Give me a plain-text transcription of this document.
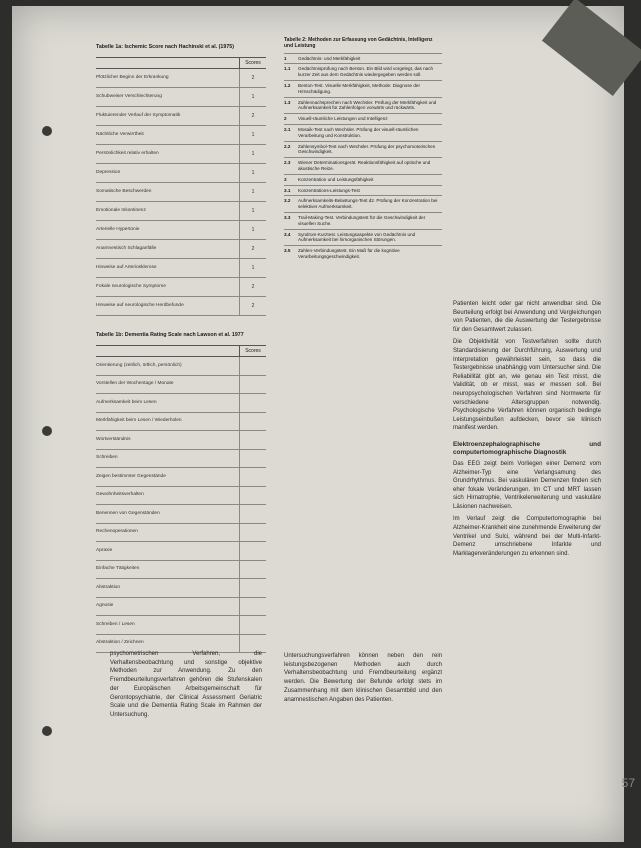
Tabelle 1a: Ischemic Score nach Hachinski et al. (1975)
Scores
Plötzlicher Beginn der Erkrankung	2
Schubweiser Verschlechterung	1
Fluktuierender Verlauf der Symptomatik	2
Nächtliche Verwirrtheit	1
Persönlichkeit relativ erhalten	1
Depression	1
Somatische Beschwerden	1
Emotionale Inkontinenz	1
Arterielle Hypertonie	1
Anamnestisch Schlaganfälle	2
Hinweise auf Arteriosklerose	1
Fokale neurologische Symptome	2
Hinweise auf neurologische Herdbefunde	2
Tabelle 1b: Dementia Rating Scale nach Lawson et al. 1977
Scores
Orientierung (zeitlich, örtlich, persönlich)
Vorstellen der Wochentage / Monate
Aufmerksamkeit beim Lesen
Merkfähigkeit beim Lesen / Wiederholen
Wortverständnis
Schreiben
Zeigen bestimmter Gegenstände
Gewohnheitsverhalten
Benennen von Gegenständen
Rechenoperationen
Apraxie
Einfache Tätigkeiten
Abstraktion
Agnosie
Schreiben / Lesen
Abstraktion / Zeichnen
Tabelle 2: Methoden zur Erfassung von Gedächtnis, Intelligenz und Leistung
1	Gedächtnis- und Merkfähigkeit
1.1	Gedächtnisprüfung nach Benton. Ein Bild wird vorgelegt, das nach kurzer Zeit aus dem Gedächtnis wiedergegeben werden soll.
1.2	Benton-Test. Visuelle Merkfähigkeit, Methode: Diagnose der Hirnschädigung.
1.3	Zahlennachsprechen nach Wechsler. Prüfung der Merkfähigkeit und Aufmerksamkeit für Zahlenfolgen vorwärts und rückwärts.
2	Visuell-räumliche Leistungen und Intelligenz
2.1	Mosaik-Test nach Wechsler. Prüfung der visuell-räumlichen Verarbeitung und Konstruktion.
2.2	Zahlensymbol-Test nach Wechsler. Prüfung der psychomotorischen Geschwindigkeit.
2.3	Wiener Determinationsgerät. Reaktionsfähigkeit auf optische und akustische Reize.
3	Konzentration und Leistungsfähigkeit
3.1	Konzentrations-Leistungs-Test
3.2	Aufmerksamkeits-Belastungs-Test d2. Prüfung der Konzentration bei selektiver Aufmerksamkeit.
3.3	Trail-Making-Test. Verbindungstest für die Geschwindigkeit der visuellen Suche.
3.4	Syndrom-Kurztest. Leistungsaspekte von Gedächtnis und Aufmerksamkeit bei hirnorganischen Störungen.
3.5	Zahlen-Verbindungstest. Ein Maß für die kognitive Verarbeitungsgeschwindigkeit.

Patienten leicht oder gar nicht anwendbar sind. Die Beurteilung erfolgt bei Anwendung und Vergleichungen von Patienten, die die Auswertung der Testergebnisse für den Gesamtwert zulassen.

Die Objektivität von Testverfahren sollte durch Standardisierung der Durchführung, Auswertung und Interpretation gewährleistet sein, so dass die Testergebnisse unabhängig vom Untersucher sind. Die Reliabilität gibt an, wie genau ein Test misst, die Validität, ob er misst, was er messen soll. Bei neuropsychologischen Verfahren sind Normwerte für verschiedene Altersgruppen notwendig. Psychologische Verfahren können organisch bedingte Leistungseinbußen aufdecken, bevor sie klinisch manifest werden.

Elektroenzephalographische und computertomographische Diagnostik

Das EEG zeigt beim Vorliegen einer Demenz vom Alzheimer-Typ eine Verlangsamung des Grundrhythmus. Bei vaskulären Demenzen finden sich eher fokale Veränderungen. Im CT und MRT lassen sich Hirnatrophie, Ventrikelerweiterung und vaskuläre Läsionen nachweisen.

Im Verlauf zeigt die Computertomographie bei Alzheimer-Krankheit eine zunehmende Erweiterung der Ventrikel und Sulci, während bei der Multi-Infarkt-Demenz umschriebene Infarkte und Marklagerveränderungen zu erkennen sind.

psychometrischen Verfahren, die Verhaltensbeobachtung und sonstige objektive Methoden zur Anwendung. Zu den Fremdbeurteilungsverfahren gehören die Stufenskalen der Europäischen Arbeitsgemeinschaft für Gerontopsychiatrie, der Clinical Assessment Geriatric Scale und die Dementia Rating Scale im Rahmen der Untersuchung.

Untersuchungsverfahren können neben den rein leistungsbezogenen Methoden auch durch Verhaltensbeobachtung und Fremdbeurteilung ergänzt werden. Die Bewertung der Befunde erfolgt stets im Zusammenhang mit dem klinischen Gesamtbild und den anamnestischen Angaben des Patienten.

57
